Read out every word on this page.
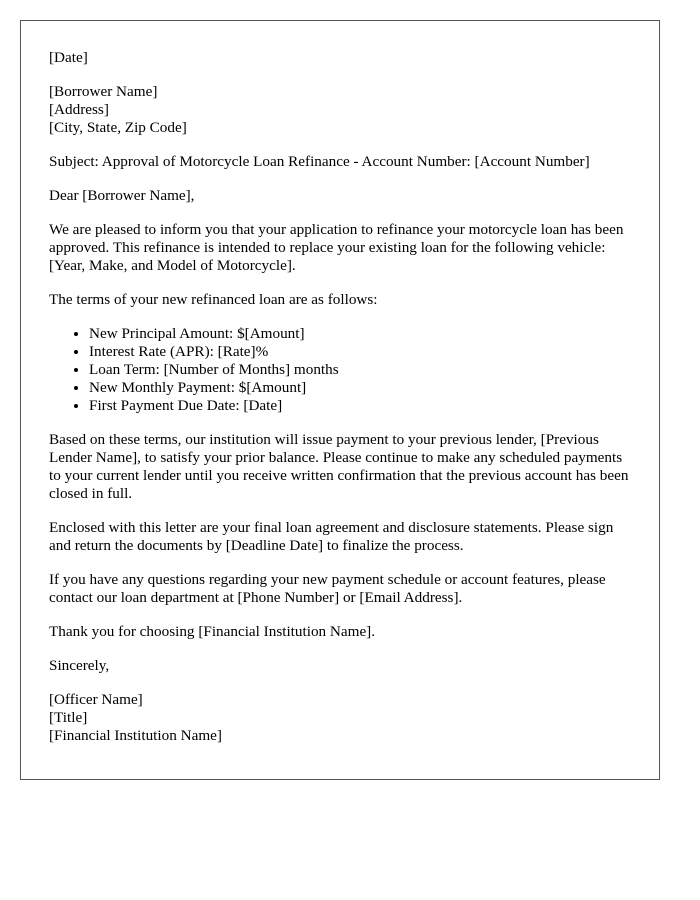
[Date]
[Borrower Name]
[Address]
[City, State, Zip Code]
Subject: Approval of Motorcycle Loan Refinance - Account Number: [Account Number]
Dear [Borrower Name],
We are pleased to inform you that your application to refinance your motorcycle loan has been approved. This refinance is intended to replace your existing loan for the following vehicle: [Year, Make, and Model of Motorcycle].
The terms of your new refinanced loan are as follows:
• New Principal Amount: $[Amount]
• Interest Rate (APR): [Rate]%
• Loan Term: [Number of Months] months
• New Monthly Payment: $[Amount]
• First Payment Due Date: [Date]
Based on these terms, our institution will issue payment to your previous lender, [Previous Lender Name], to satisfy your prior balance. Please continue to make any scheduled payments to your current lender until you receive written confirmation that the previous account has been closed in full.
Enclosed with this letter are your final loan agreement and disclosure statements. Please sign and return the documents by [Deadline Date] to finalize the process.
If you have any questions regarding your new payment schedule or account features, please contact our loan department at [Phone Number] or [Email Address].
Thank you for choosing [Financial Institution Name].
Sincerely,
[Officer Name]
[Title]
[Financial Institution Name]
